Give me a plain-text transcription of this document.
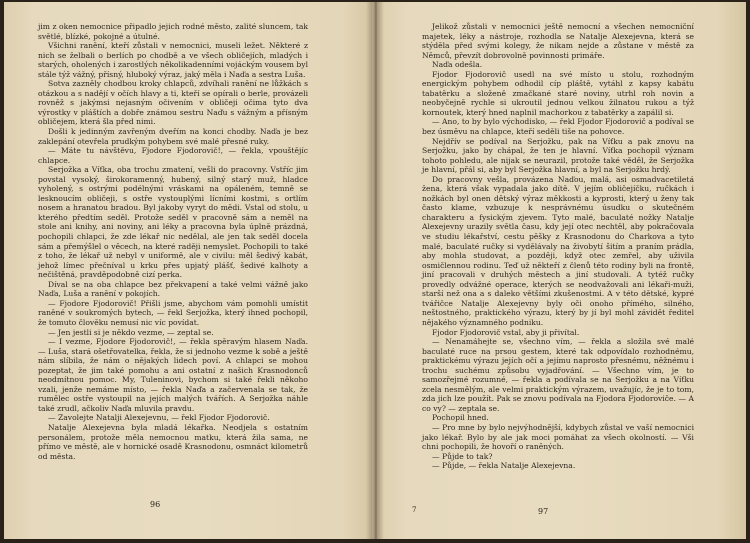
jim z oken nemocnice připadlo jejich rodné město, zalité sluncem, tak světlé, blízké, pokojné a útulné.

Všichni ranění, kteří zůstali v nemocnici, museli ležet. Některé z nich se želbali o berlích po chodbě a ve všech obličejích, mladých i starých, oholených i zarostlých několikadenními vojáckým vousem byl stále týž vážný, přísný, hluboký výraz, jaký měla i Naďa a sestra Luša.

Sotva zazněly chodbou kroky chlapců, zdvíhali ranění ne lůžkách s otázkou a s nadějí v očích hlavy a ti, kteří se opírali o berle, provázeli rovněž s jakýmsi nejasným očivením v obličeji očima tyto dva výrostky v pláštích a dobře známou sestru Naďu s vážným a přísným obličejem, která šla před nimi.

Došli k jedinným zavřeným dveřím na konci chodby. Naďa je bez zaklepání otevřela prudkým pohybem své malé přesné ruky.

— Máte tu návštěvu, Fjodore Fjodorovič!, — řekla, vpouštějíc chlapce.

Serjožka a Víťka, oba trochu zmatení, vešli do pracovny. Vstříc jim povstal vysoký, širokoramenný, hubený, silný starý muž, hladce vyholený, s ostrými podélnými vráskami na opáleném, temně se lesknoucím obličeji, s ostře vystouplými lícními kostmi, s ortlím nosem a hranatou bradou. Byl jakoby vyryt do mědi. Vstal od stolu, u kterého předtím seděl. Protože seděl v pracovně sám a neměl na stole ani knihy, ani noviny, ani léky a pracovna byla úplně prázdná, pochopili chlapci, že zde lékař nic nedělal, ale jen tak seděl docela sám a přemýšlel o věcech, na které raději nemyslet. Pochopili to také z toho, že lékař už nebyl v uniformě, ale v civilu: měl šedivý kabát, jehož límec přečníval u krku přes upjatý plášť, šedivé kalhoty a nečištěná, pravděpodobně cizí perka.

Díval se na oba chlapce bez překvapení a také velmi vážně jako Naďa, Luša a ranění v pokojích.

— Fjodore Fjodorovič! Přišli jsme, abychom vám pomohli umístit raněné v soukromých bytech, — řekl Serjožka, který ihned pochopil, že tomuto člověku nemusí nic víc povídat.

— Jen jestli si je někdo vezme, — zeptal se.

— I vezme, Fjodore Fjodorovič!, — řekla spěravým hlasem Naďa. — Luša, stará ošetřovatelka, řekla, že si jednoho vezme k sobě a ještě nám slíbila, že nám o nějakých lidech poví. A chlapci se mohou pozeptat, že jim také pomohu a ani ostatní z našich Krasnodonců neodmítnou pomoc. My, Tuleninovi, bychom si také řekli někoho vzali, jenže nemáme místo, — řekla Naďa a začervenala se tak, že rumělec ostře vystoupil na jejích malých tvářích. A Serjožka náhle také zrudl, ačkoliv Naďa mluvila pravdu.

— Zavolejte Natalji Alexejevnu, — řekl Fjodor Fjodorovič.

Natalje Alexejevna byla mladá lékařka. Neodjela s ostatním personálem, protože měla nemocnou matku, která žila sama, ne přímo ve městě, ale v hornické osadě Krasnodonu, osmnáct kilometrů od města.

96

Jelikož zůstali v nemocnici ještě nemocní a všechen nemocniční majetek, léky a nástroje, rozhodla se Natalje Alexejevna, která se stýděla před svými kolegy, že nikam nejde a zůstane v městě za Němců, převzít dobrovolně povinnosti primáře.

Naďa odešla.

Fjodor Fjodorovič usedl na své místo u stolu, rozhodným energickým pohybem odhodil cíp pláště, vytáhl z kapsy kabátu tabatěrku a složeně zmačkané staré noviny, utrhl roh novin a neobyčejně rychle si ukroutil jednou velkou žilnatou rukou a týž kornoutek, který hned naplnil machorkou z tabatěrky a zapálil si.

— Ano, to by bylo východisko, — řekl Fjodor Fjodorovič a podíval se bez úsměvu na chlapce, kteří seděli tiše na pohovce.

Nejdřív se podíval na Serjožku, pak na Víťku a pak znovu na Serjožku, jako by chápal, že ten je hlavní. Víťka pochopil význam tohoto pohledu, ale nijak se neurazil, protože také věděl, že Serjožka je hlavní, přál si, aby byl Serjožka hlavní, a byl na Serjožku hrdý.

Do pracovny vešla, provázena Naďou, malá, asi osmadvacetiletá žena, která však vypadala jako dítě. V jejím obličejíčku, ručkách i nožkách byl onen dětský výraz měkkosti a kyprosti, který u ženy tak často klame, vzbuzuje k nesprávnému úsudku o skutečném charakteru a fysickým zjevem. Tyto malé, baculaté nožky Natalje Alexejevny urazily světla času, kdy její otec nechtěl, aby pokračovala ve studiu lékařství, cestu pěšky z Krasnodonu do Charkova a tyto malé, baculaté ručky si vydělávaly na živobytí šitím a praním prádla, aby mohla studovat, a později, když otec zemřel, aby uživila osmičlennou rodinu. Teď už někteří z členů této rodiny byli na frontě, jiní pracovali v druhých městech a jiní studovali. A tytéž ručky provedly odvážné operace, kterých se neodvažovali ani lékaři-muži, starší než ona a s daleko většími zkušenostmi. A v této dětské, kypré tvářičce Natalje Alexejevny byly oči onoho přímého, silného, neštostného, praktického výrazu, který by jí byl mohl závidět ředitel nějakého významného podniku.

Fjodor Fjodorovič vstal, aby ji přivítal.

— Nenamáhejte se, všechno vím, — řekla a složila své malé baculaté ruce na prsou gestem, které tak odpovídalo rozhodnému, praktickému výrazu jejích očí a jejímu naprosto přesnému, něžnému i trochu suchému způsobu vyjadřování. — Všechno vím, je to samozřejmé rozumné, — řekla a podívala se na Serjožku a na Víťku zcela nesmělým, ale velmi praktickým výrazem, uvažujíc, že je to tom, zda jich lze použít. Pak se znovu podívala na Fjodora Fjodoroviče. — A co vy? — zeptala se.

Pochopil hned.

— Pro mne by bylo nejvýhodnější, kdybych zůstal ve vaší nemocnici jako lékař. Bylo by ale jak moci pomáhat za všech okolností. — Vši chni pochopili, že hovoří o raněných.

— Půjde to tak?

— Půjde, — řekla Natalje Alexejevna.

7	97
